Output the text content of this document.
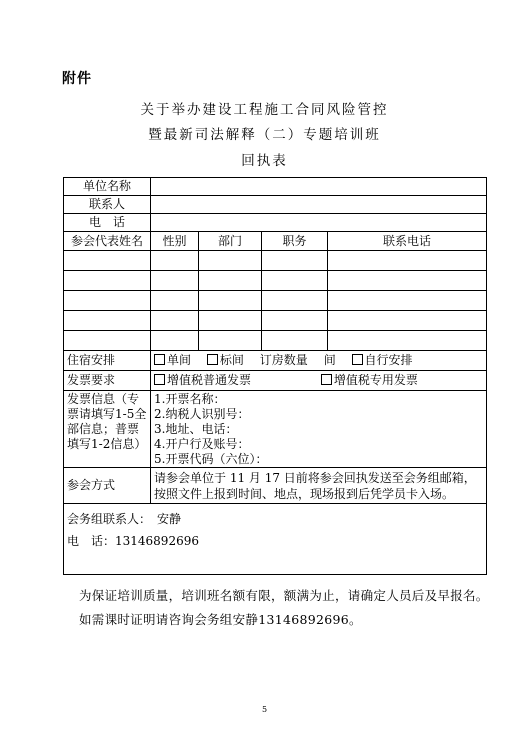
附件
关于举办建设工程施工合同风险管控
暨最新司法解释（二）专题培训班
回执表
单位名称				
联系人				
电　话				
参会代表姓名	性别	部门	职务	联系电话

住宿安排	单间 标间 订房数量 间 自行安排			
发票要求	增值税普通发票 增值税专用发票			
发票信息（专票请填写1-5全部信息；普票填写1-2信息）	1.开票名称：
2.纳税人识别号：
3.地址、电话：
4.开户行及账号：
5.开票代码（六位）：			

参会方式	请参会单位于 11 月 17 日前将参会回执发送至会务组邮箱，按照文件上报到时间、地点，现场报到后凭学员卡入场。			

会务组联系人：　安静
电　话：13146892696				
为保证培训质量，培训班名额有限，额满为止，请确定人员后及早报名。
如需课时证明请咨询会务组安静13146892696。
5
